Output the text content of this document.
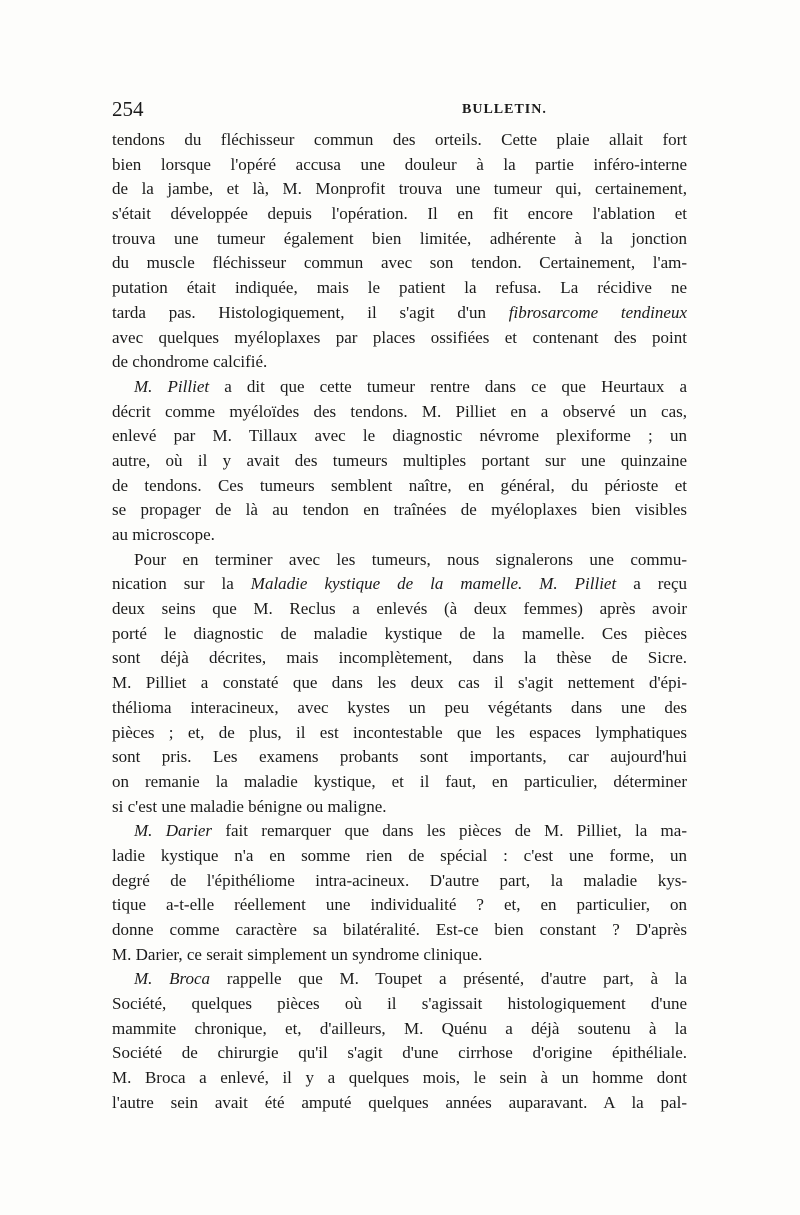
254	BULLETIN.
tendons du fléchisseur commun des orteils. Cette plaie allait fort
bien lorsque l'opéré accusa une douleur à la partie inféro-interne
de la jambe, et là, M. Monprofit trouva une tumeur qui, certainement,
s'était développée depuis l'opération. Il en fit encore l'ablation et
trouva une tumeur également bien limitée, adhérente à la jonction
du muscle fléchisseur commun avec son tendon. Certainement, l'am-
putation était indiquée, mais le patient la refusa. La récidive ne
tarda pas. Histologiquement, il s'agit d'un fibrosarcome tendineux
avec quelques myéloplaxes par places ossifiées et contenant des point
de chondrome calcifié.
M. Pilliet a dit que cette tumeur rentre dans ce que Heurtaux a
décrit comme myéloïdes des tendons. M. Pilliet en a observé un cas,
enlevé par M. Tillaux avec le diagnostic névrome plexiforme ; un
autre, où il y avait des tumeurs multiples portant sur une quinzaine
de tendons. Ces tumeurs semblent naître, en général, du périoste et
se propager de là au tendon en traînées de myéloplaxes bien visibles
au microscope.
Pour en terminer avec les tumeurs, nous signalerons une commu-
nication sur la Maladie kystique de la mamelle. M. Pilliet a reçu
deux seins que M. Reclus a enlevés (à deux femmes) après avoir
porté le diagnostic de maladie kystique de la mamelle. Ces pièces
sont déjà décrites, mais incomplètement, dans la thèse de Sicre.
M. Pilliet a constaté que dans les deux cas il s'agit nettement d'épi-
thélioma interacineux, avec kystes un peu végétants dans une des
pièces ; et, de plus, il est incontestable que les espaces lymphatiques
sont pris. Les examens probants sont importants, car aujourd'hui
on remanie la maladie kystique, et il faut, en particulier, déterminer
si c'est une maladie bénigne ou maligne.
M. Darier fait remarquer que dans les pièces de M. Pilliet, la ma-
ladie kystique n'a en somme rien de spécial : c'est une forme, un
degré de l'épithéliome intra-acineux. D'autre part, la maladie kys-
tique a-t-elle réellement une individualité ? et, en particulier, on
donne comme caractère sa bilatéralité. Est-ce bien constant ? D'après
M. Darier, ce serait simplement un syndrome clinique.
M. Broca rappelle que M. Toupet a présenté, d'autre part, à la
Société, quelques pièces où il s'agissait histologiquement d'une
mammite chronique, et, d'ailleurs, M. Quénu a déjà soutenu à la
Société de chirurgie qu'il s'agit d'une cirrhose d'origine épithéliale.
M. Broca a enlevé, il y a quelques mois, le sein à un homme dont
l'autre sein avait été amputé quelques années auparavant. A la pal-
